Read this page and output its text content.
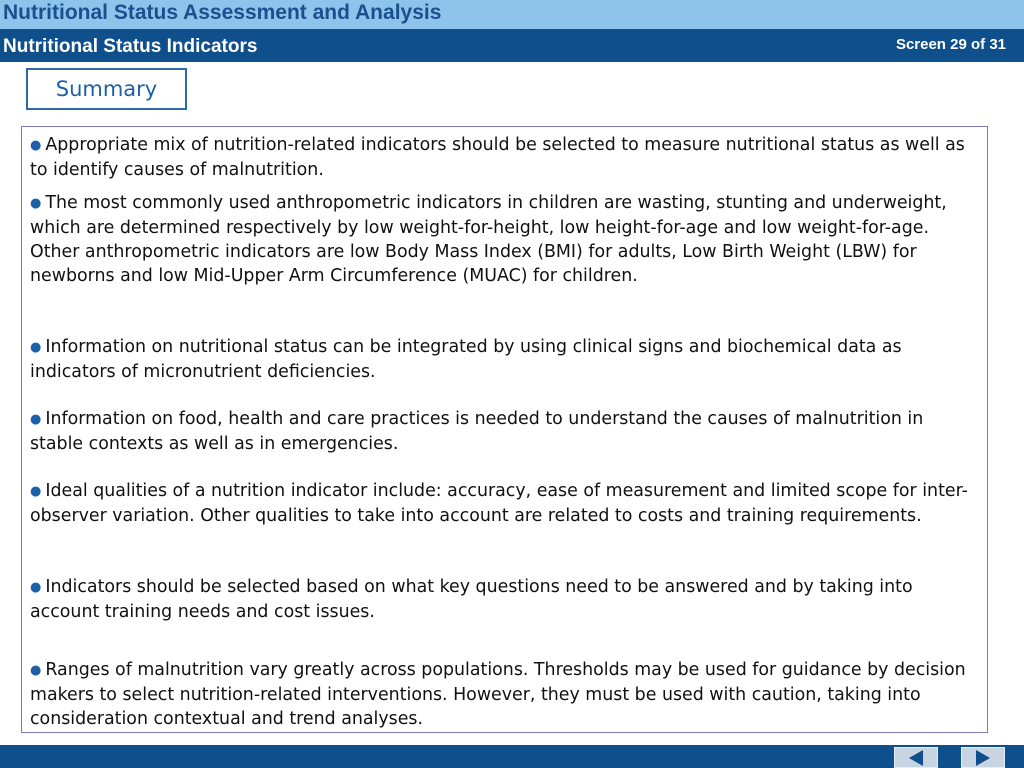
Nutritional Status Assessment and Analysis
Nutritional Status Indicators	Screen 29 of 31
Summary
● Appropriate mix of nutrition-related indicators should be selected to measure nutritional status as well as to identify causes of malnutrition.
● The most commonly used anthropometric indicators in children are wasting, stunting and underweight, which are determined respectively by low weight-for-height, low height-for-age and low weight-for-age. Other anthropometric indicators are low Body Mass Index (BMI) for adults, Low Birth Weight (LBW) for newborns and low Mid-Upper Arm Circumference (MUAC) for children.
● Information on nutritional status can be integrated by using clinical signs and biochemical data as indicators of micronutrient deficiencies.
● Information on food, health and care practices is needed to understand the causes of malnutrition in stable contexts as well as in emergencies.
● Ideal qualities of a nutrition indicator include: accuracy, ease of measurement and limited scope for inter-observer variation. Other qualities to take into account are related to costs and training requirements.
● Indicators should be selected based on what key questions need to be answered and by taking into account training needs and cost issues.
● Ranges of malnutrition vary greatly across populations. Thresholds may be used for guidance by decision makers to select nutrition-related interventions. However, they must be used with caution, taking into consideration contextual and trend analyses.
